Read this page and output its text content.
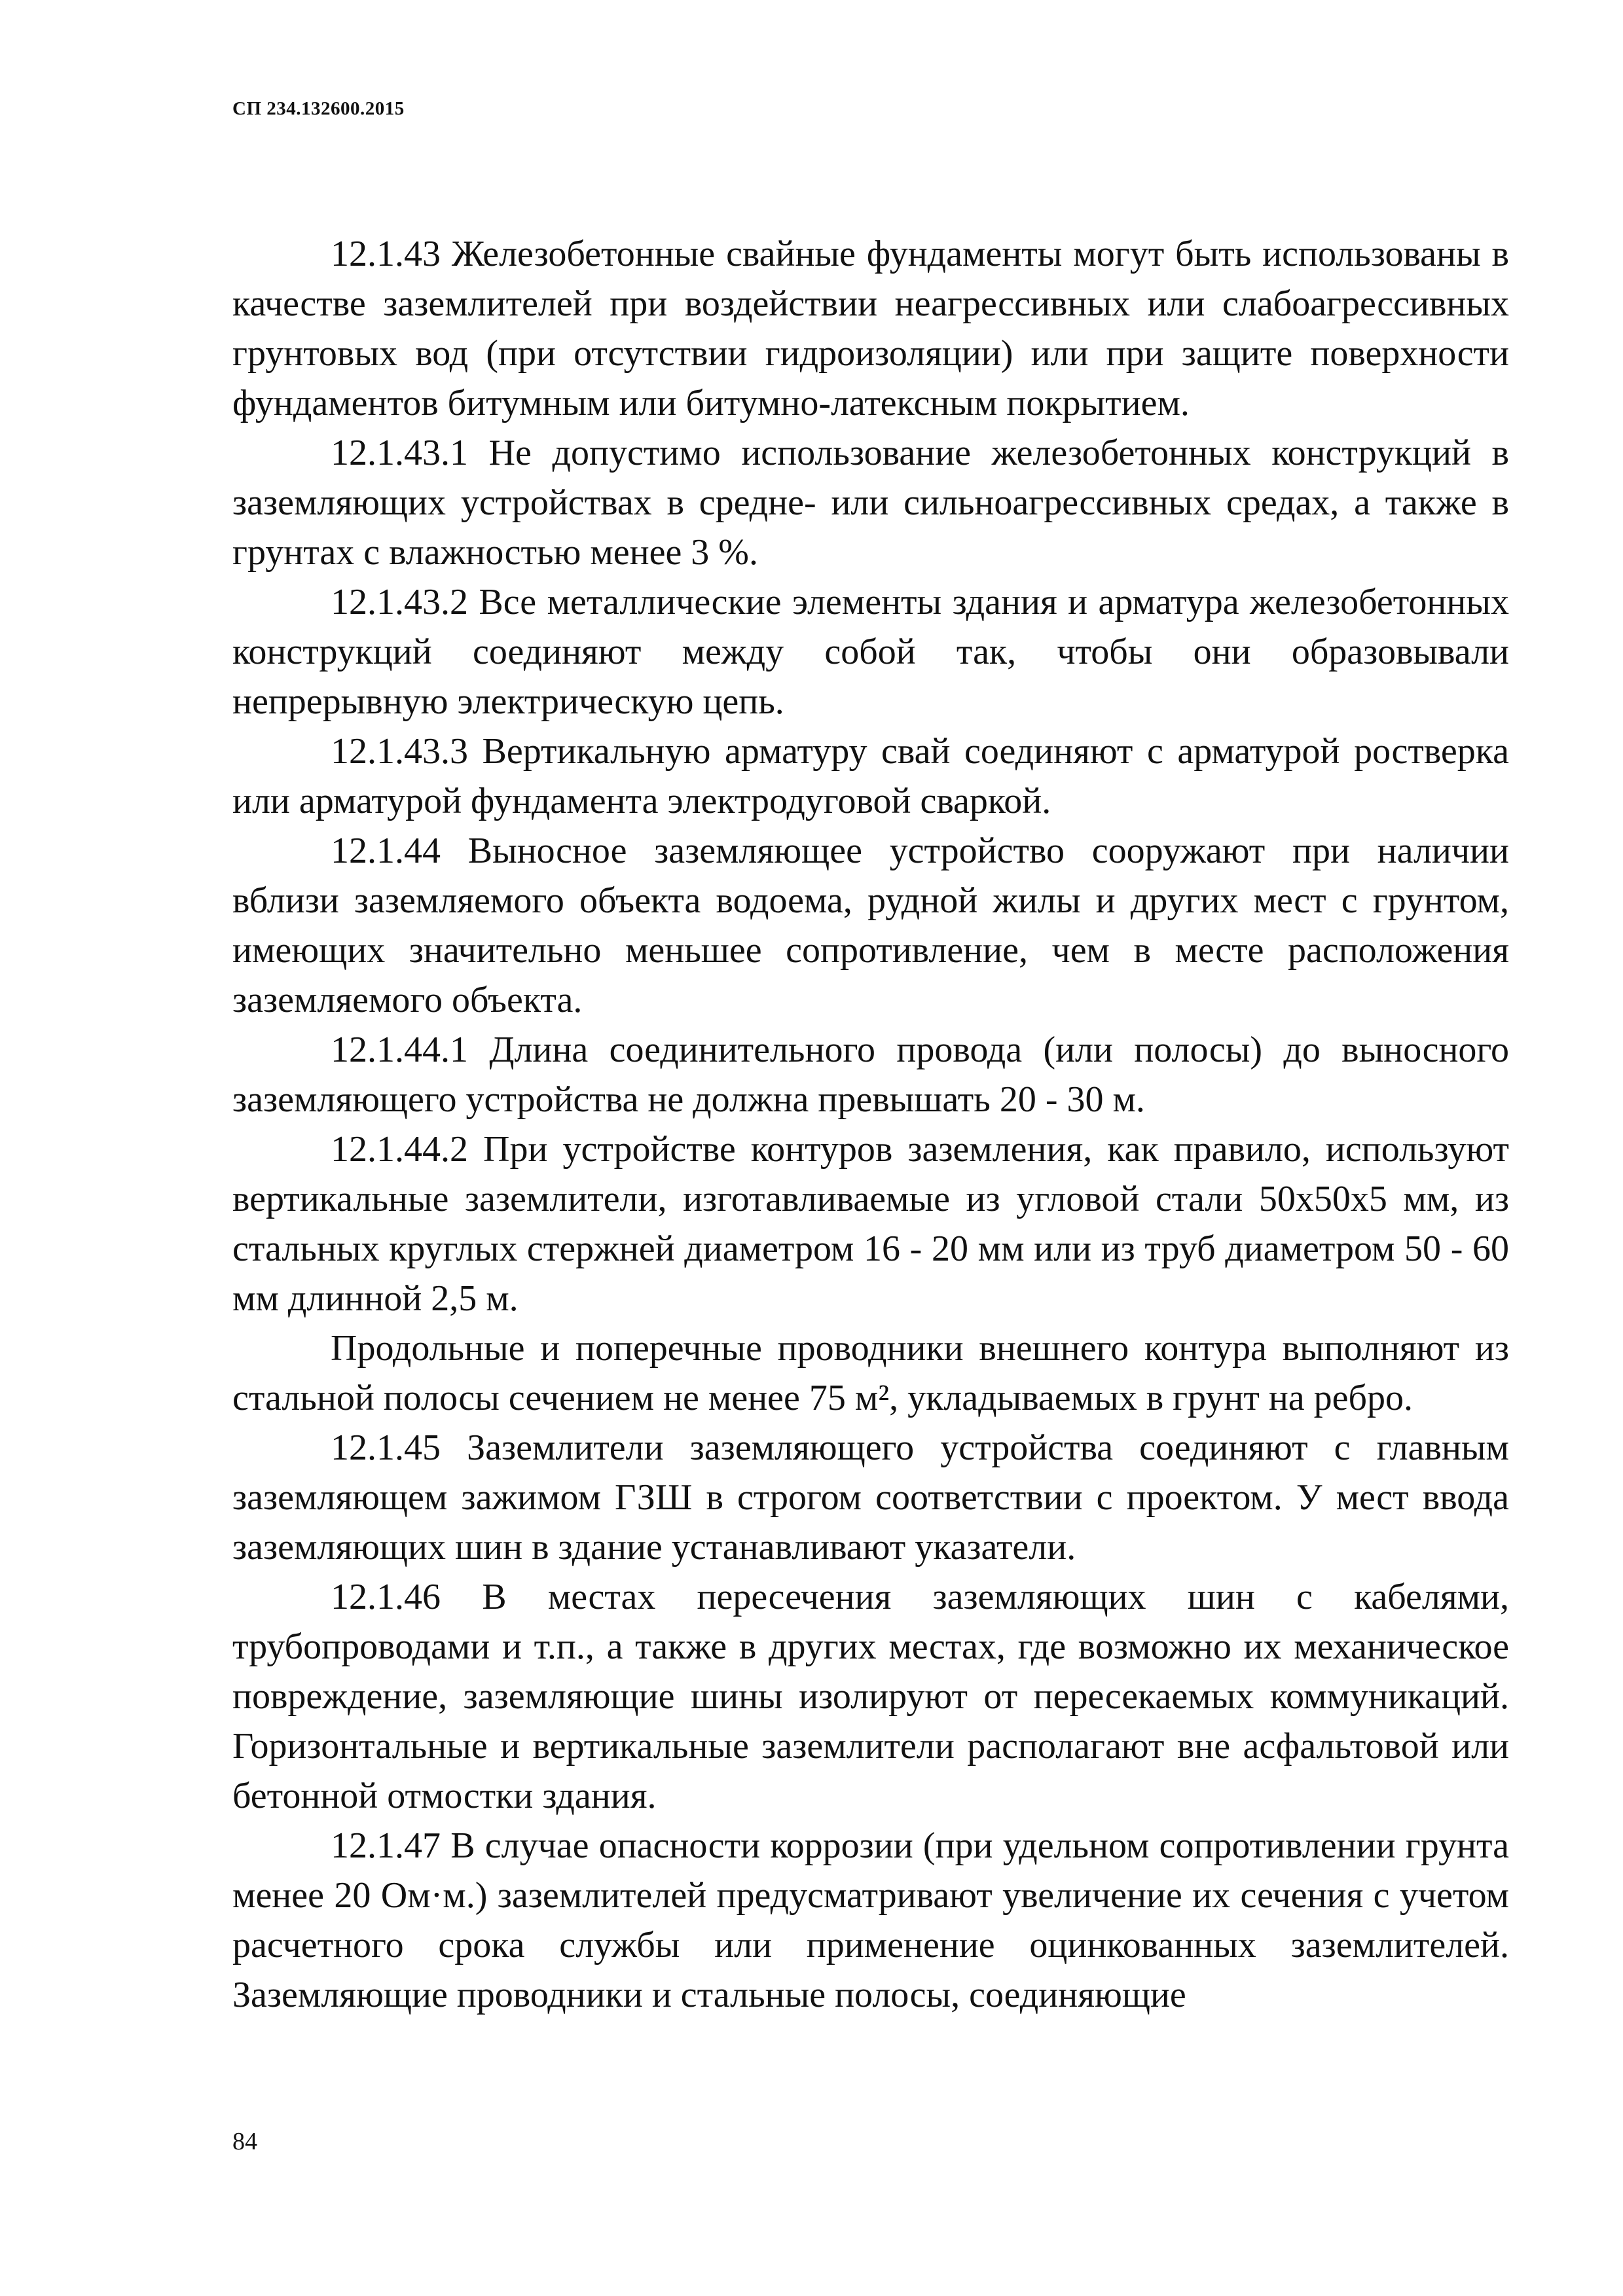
СП 234.132600.2015

12.1.43 Железобетонные свайные фундаменты могут быть использованы в качестве заземлителей при воздействии неагрессивных или слабоагрессивных грунтовых вод (при отсутствии гидроизоляции) или при защите поверхности фундаментов битумным или битумно-латексным покрытием.

12.1.43.1 Не допустимо использование железобетонных конструкций в заземляющих устройствах в средне- или сильноагрессивных средах, а также в грунтах с влажностью менее 3 %.

12.1.43.2 Все металлические элементы здания и арматура железобетонных конструкций соединяют между собой так, чтобы они образовывали непрерывную электрическую цепь.

12.1.43.3 Вертикальную арматуру свай соединяют с арматурой ростверка или арматурой фундамента электродуговой сваркой.

12.1.44 Выносное заземляющее устройство сооружают при наличии вблизи заземляемого объекта водоема, рудной жилы и других мест с грунтом, имеющих значительно меньшее сопротивление, чем в месте расположения заземляемого объекта.

12.1.44.1 Длина соединительного провода (или полосы) до выносного заземляющего устройства не должна превышать 20 - 30 м.

12.1.44.2 При устройстве контуров заземления, как правило, используют вертикальные заземлители, изготавливаемые из угловой стали 50x50x5 мм, из стальных круглых стержней диаметром 16 - 20 мм или из труб диаметром 50 - 60 мм длинной 2,5 м.

Продольные и поперечные проводники внешнего контура выполняют из стальной полосы сечением не менее 75 м², укладываемых в грунт на ребро.

12.1.45 Заземлители заземляющего устройства соединяют с главным заземляющем зажимом ГЗШ в строгом соответствии с проектом. У мест ввода заземляющих шин в здание устанавливают указатели.

12.1.46 В местах пересечения заземляющих шин с кабелями, трубопроводами и т.п., а также в других местах, где возможно их механическое повреждение, заземляющие шины изолируют от пересекаемых коммуникаций. Горизонтальные и вертикальные заземлители располагают вне асфальтовой или бетонной отмостки здания.

12.1.47 В случае опасности коррозии (при удельном сопротивлении грунта менее 20 Ом·м.) заземлителей предусматривают увеличение их сечения с учетом расчетного срока службы или применение оцинкованных заземлителей. Заземляющие проводники и стальные полосы, соединяющие

84
